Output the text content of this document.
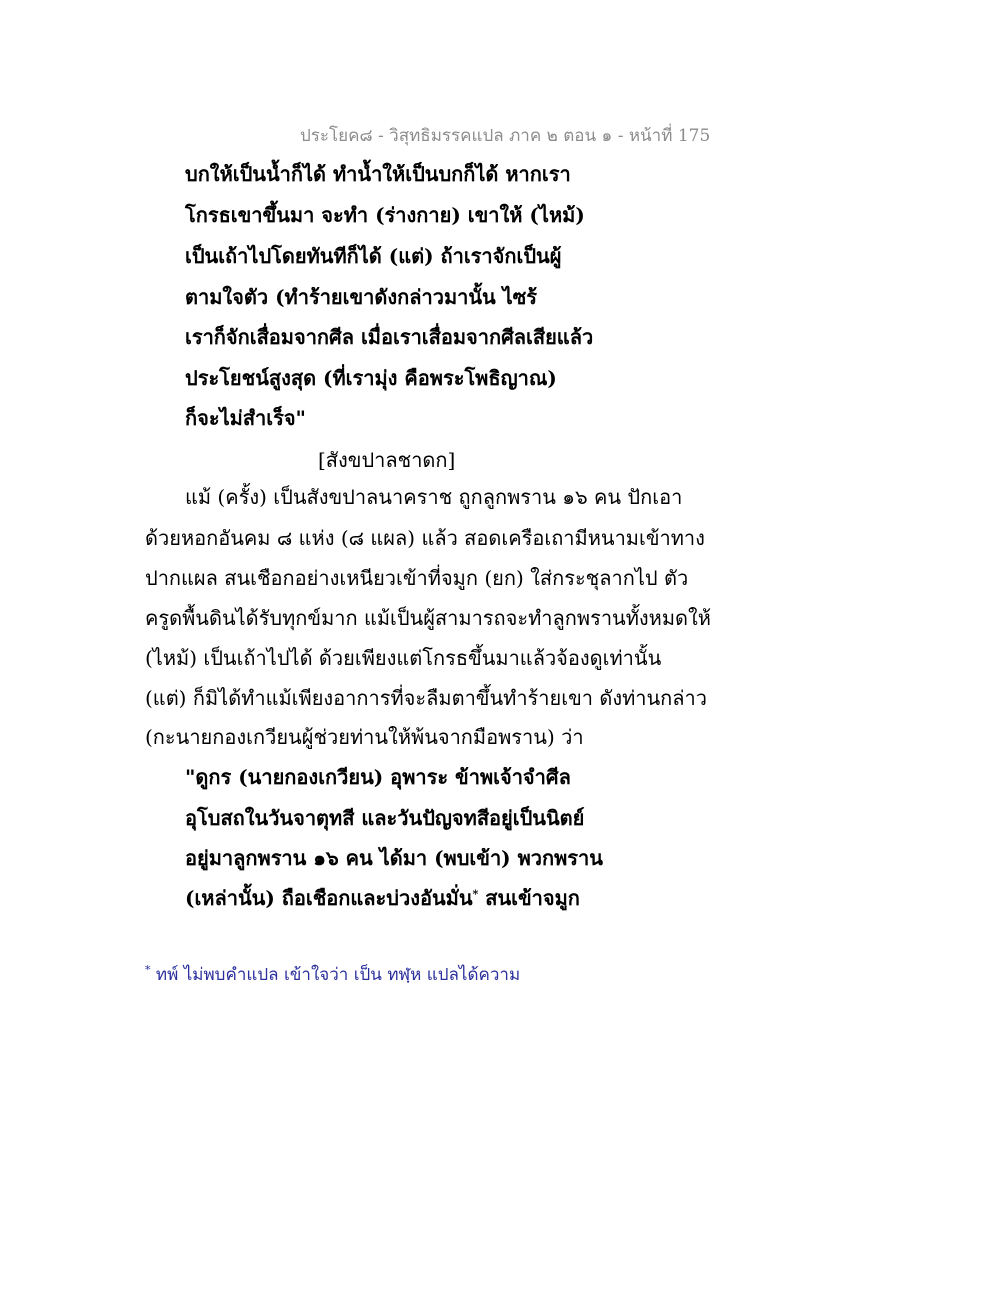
ประโยค๘ - วิสุทธิมรรคแปล ภาค ๒ ตอน ๑ - หน้าที่ 175
บกให้เป็นน้ำก็ได้ ทำน้ำให้เป็นบกก็ได้ หากเรา
โกรธเขาขึ้นมา จะทำ (ร่างกาย) เขาให้ (ไหม้)
เป็นเถ้าไปโดยทันทีก็ได้ (แต่) ถ้าเราจักเป็นผู้
ตามใจตัว (ทำร้ายเขาดังกล่าวมานั้น ไซร้
เราก็จักเสื่อมจากศีล เมื่อเราเสื่อมจากศีลเสียแล้ว
ประโยชน์สูงสุด (ที่เรามุ่ง คือพระโพธิญาณ)
ก็จะไม่สำเร็จ"
[สังขปาลชาดก]
แม้ (ครั้ง) เป็นสังขปาลนาคราช ถูกลูกพราน ๑๖ คน ปักเอา
ด้วยหอกอันคม ๘ แห่ง (๘ แผล) แล้ว สอดเครือเถามีหนามเข้าทาง
ปากแผล สนเชือกอย่างเหนียวเข้าที่จมูก (ยก) ใส่กระชุลากไป ตัว
ครูดพื้นดินได้รับทุกข์มาก แม้เป็นผู้สามารถจะทำลูกพรานทั้งหมดให้
(ไหม้) เป็นเถ้าไปได้ ด้วยเพียงแต่โกรธขึ้นมาแล้วจ้องดูเท่านั้น
(แต่) ก็มิได้ทำแม้เพียงอาการที่จะลืมตาขึ้นทำร้ายเขา ดังท่านกล่าว
(กะนายกองเกวียนผู้ช่วยท่านให้พ้นจากมือพราน) ว่า
"ดูกร (นายกองเกวียน) อุพาระ ข้าพเจ้าจำศีล
อุโบสถในวันจาตุทสี และวันปัญจทสีอยู่เป็นนิตย์
อยู่มาลูกพราน ๑๖ คน ได้มา (พบเข้า) พวกพราน
(เหล่านั้น) ถือเชือกและบ่วงอันมั่น* สนเข้าจมูก
* ทพ์ ไม่พบคำแปล เข้าใจว่า เป็น ทฬฺห แปลได้ความ
